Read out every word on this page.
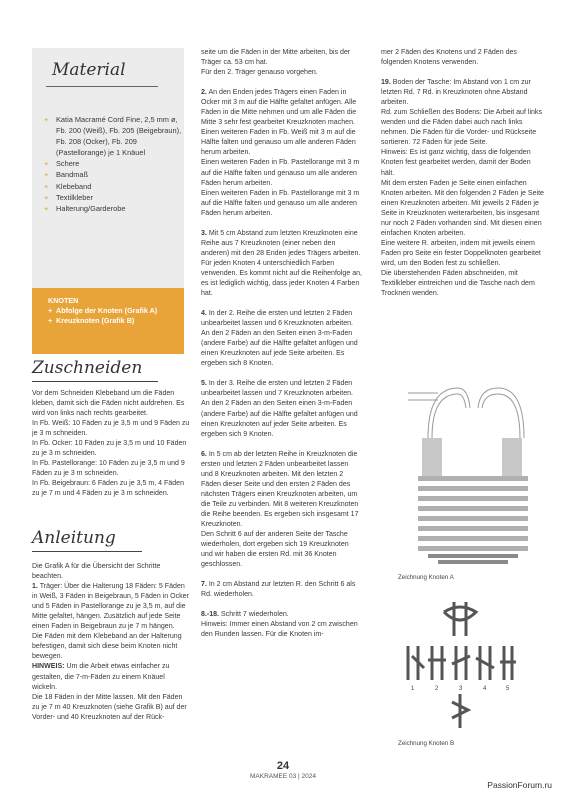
Material
+ Katia Macramé Cord Fine, 2,5 mm ø, Fb. 200 (Weiß), Fb. 205 (Beigebraun), Fb. 208 (Ocker), Fb. 209 (Pastellorange) je 1 Knäuel
+ Schere
+ Bandmaß
+ Klebeband
+ Textilkleber
+ Halterung/Garderobe
KNOTEN
+ Abfolge der Knoten (Grafik A)
+ Kreuzknoten (Grafik B)
Zuschneiden

Vor dem Schneiden Klebeband um die Fäden kleben, damit sich die Fäden nicht aufdrehen. Es wird von links nach rechts gearbeitet.

In Fb. Weiß: 10 Fäden zu je 3,5 m und 9 Fäden zu je 3 m schneiden.

In Fb. Ocker: 10 Fäden zu je 3,5 m und 10 Fäden zu je 3 m schneiden.

In Fb. Pastellorange: 10 Fäden zu je 3,5 m und 9 Fäden zu je 3 m schneiden.

In Fb. Beigebraun: 6 Fäden zu je 3,5 m, 4 Fäden zu je 7 m und 4 Fäden zu je 3 m schneiden.

Anleitung

Die Grafik A für die Übersicht der Schritte beachten.

1. Träger: Über die Halterung 18 Fäden: 5 Fäden in Weiß, 3 Fäden in Beigebraun, 5 Fäden in Ocker und 5 Fäden in Pastellorange zu je 3,5 m, auf die Mitte gefaltet, hängen. Zusätzlich auf jede Seite einen Faden in Beigebraun zu je 7 m hängen.

Die Fäden mit dem Klebeband an der Halterung befestigen, damit sich diese beim Knoten nicht bewegen.

HINWEIS: Um die Arbeit etwas einfacher zu gestalten, die 7-m-Fäden zu einem Knäuel wickeln.

Die 18 Fäden in der Mitte lassen. Mit den Fäden zu je 7 m 40 Kreuzknoten (siehe Grafik B) auf der Vorder- und 40 Kreuzknoten auf der Rück-

seite um die Fäden in der Mitte arbeiten, bis der Träger ca. 53 cm hat.

Für den 2. Träger genauso vorgehen.

2. An den Enden jedes Trägers einen Faden in Ocker mit 3 m auf die Hälfte gefaltet anfügen. Alle Fäden in die Mitte nehmen und um alle Fäden die Mitte 3 sehr fest gearbeitet Kreuzknoten machen. Einen weiteren Faden in Fb. Weiß mit 3 m auf die Hälfte falten und genauso um alle anderen Fäden herum arbeiten.

Einen weiteren Faden in Fb. Pastellorange mit 3 m auf die Hälfte falten und genauso um alle anderen Fäden herum arbeiten.

Einen weiteren Faden in Fb. Pastellorange mit 3 m auf die Hälfte falten und genauso um alle anderen Fäden herum arbeiten.

3. Mit 5 cm Abstand zum letzten Kreuzknoten eine Reihe aus 7 Kreuzknoten (einer neben den anderen) mit den 28 Enden jedes Trägers arbeiten. Für jeden Knoten 4 unterschiedlich Farben verwenden. Es kommt nicht auf die Reihenfolge an, es ist lediglich wichtig, dass jeder Knoten 4 Farben hat.

4. In der 2. Reihe die ersten und letzten 2 Fäden unbearbeitet lassen und 6 Kreuzknoten arbeiten.

An den 2 Fäden an den Seiten einen 3-m-Faden (andere Farbe) auf die Hälfte gefaltet anfügen und einen Kreuzknoten auf jede Seite arbeiten. Es ergeben sich 8 Knoten.

5. In der 3. Reihe die ersten und letzten 2 Fäden unbearbeitet lassen und 7 Kreuzknoten arbeiten.

An den 2 Fäden an den Seiten einen 3-m-Faden (andere Farbe) auf die Hälfte gefaltet anfügen und einen Kreuzknoten auf jeder Seite arbeiten. Es ergeben sich 9 Knoten.

6. In 5 cm ab der letzten Reihe in Kreuzknoten die ersten und letzten 2 Fäden unbearbeitet lassen und 8 Kreuzknoten arbeiten. Mit den letzten 2 Fäden dieser Seite und den ersten 2 Fäden des nächsten Trägers einen Kreuzknoten arbeiten, um die Teile zu verbinden. Mit 8 weiteren Kreuzknoten die Reihe beenden. Es ergeben sich insgesamt 17 Kreuzknoten.

Den Schritt 6 auf der anderen Seite der Tasche wiederholen, dort ergeben sich 19 Kreuzknoten und wir haben die ersten Rd. mit 36 Knoten geschlossen.

7. In 2 cm Abstand zur letzten R. den Schritt 6 als Rd. wiederholen.

8.-18. Schritt 7 wiederholen.

Hinweis: Immer einen Abstand von 2 cm zwischen den Runden lassen. Für die Knoten im-

mer 2 Fäden des Knotens und 2 Fäden des folgenden Knotens verwenden.

19. Boden der Tasche: Im Abstand von 1 cm zur letzten Rd. 7 Rd. in Kreuzknoten ohne Abstand arbeiten.

Rd. zum Schließen des Bodens: Die Arbeit auf links wenden und die Fäden dabei auch nach links nehmen. Die Fäden für die Vorder- und Rückseite sortieren. 72 Fäden für jede Seite.

Hinweis: Es ist ganz wichtig, dass die folgenden Knoten fest gearbeitet werden, damit der Boden hält.

Mit dem ersten Faden je Seite einen einfachen Knoten arbeiten. Mit den folgenden 2 Fäden je Seite einen Kreuzknoten arbeiten. Mit jeweils 2 Fäden je Seite in Kreuzknoten weiterarbeiten, bis insgesamt nur noch 2 Fäden vorhanden sind. Mit diesen einen einfachen Knoten arbeiten.

Eine weitere R. arbeiten, indem mit jeweils einem Faden pro Seite ein fester Doppelknoten gearbeitet wird, um den Boden fest zu schließen.

Die überstehenden Fäden abschneiden, mit Textilkleber eintreichen und die Tasche nach dem Trocknen wenden.

Zeichnung Knoten A
1	2	3	4	5
Zeichnung Knoten B
24
MAKRAMEE 03 | 2024
PassionForum.ru
